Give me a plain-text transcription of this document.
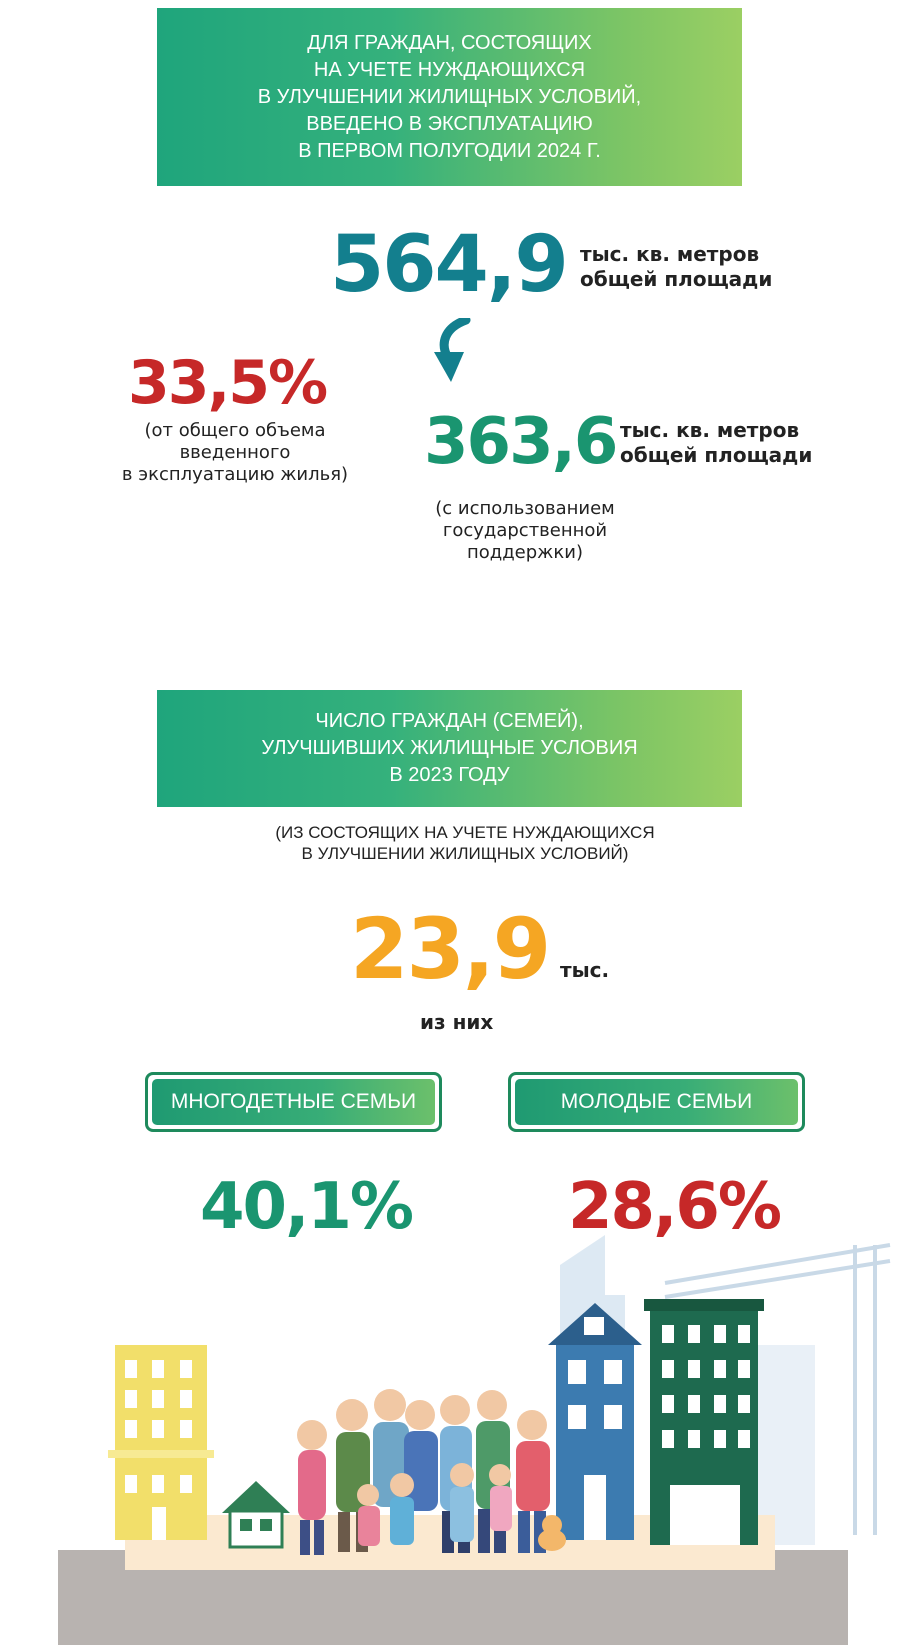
ДЛЯ ГРАЖДАН, СОСТОЯЩИХ
НА УЧЕТЕ НУЖДАЮЩИХСЯ
В УЛУЧШЕНИИ ЖИЛИЩНЫХ УСЛОВИЙ,
ВВЕДЕНО В ЭКСПЛУАТАЦИЮ
В ПЕРВОМ ПОЛУГОДИИ 2024 Г.
564,9 тыс. кв. метров
общей площади
33,5%
(от общего объема
введенного
в эксплуатацию жилья) 363,6 тыс. кв. метров
общей площади
(с использованием
государственной
поддержки)
ЧИСЛО ГРАЖДАН (СЕМЕЙ),
УЛУЧШИВШИХ ЖИЛИЩНЫЕ УСЛОВИЯ
В 2023 ГОДУ
(ИЗ СОСТОЯЩИХ НА УЧЕТЕ НУЖДАЮЩИХСЯ
В УЛУЧШЕНИИ ЖИЛИЩНЫХ УСЛОВИЙ)
23,9 тыс.
из них
МНОГОДЕТНЫЕ СЕМЬИ	МОЛОДЫЕ СЕМЬИ
40,1% 28,6%
